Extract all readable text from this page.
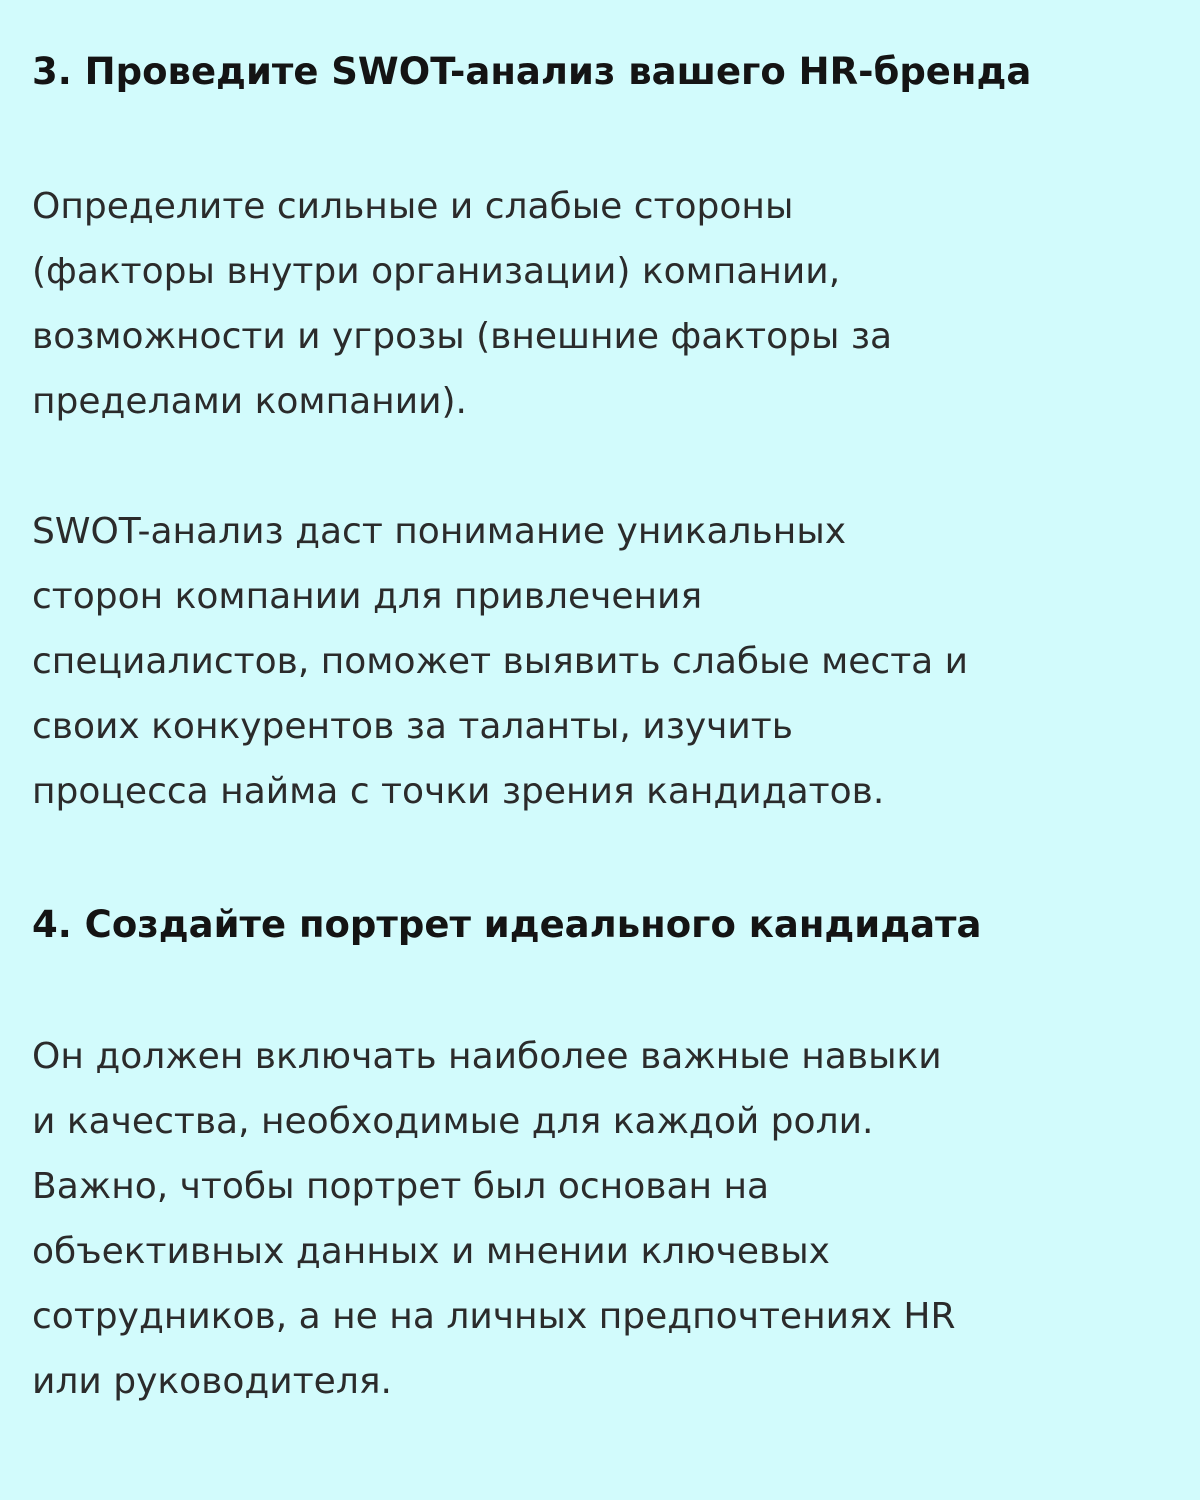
3. Проведите SWOT-анализ вашего HR-бренда
Определите сильные и слабые стороны
(факторы внутри организации) компании,
возможности и угрозы (внешние факторы за
пределами компании).
SWOT-анализ даст понимание уникальных
сторон компании для привлечения
специалистов, поможет выявить слабые места и
своих конкурентов за таланты, изучить
процесса найма с точки зрения кандидатов.
4. Создайте портрет идеального кандидата
Он должен включать наиболее важные навыки
и качества, необходимые для каждой роли.
Важно, чтобы портрет был основан на
объективных данных и мнении ключевых
сотрудников, а не на личных предпочтениях HR
или руководителя.
